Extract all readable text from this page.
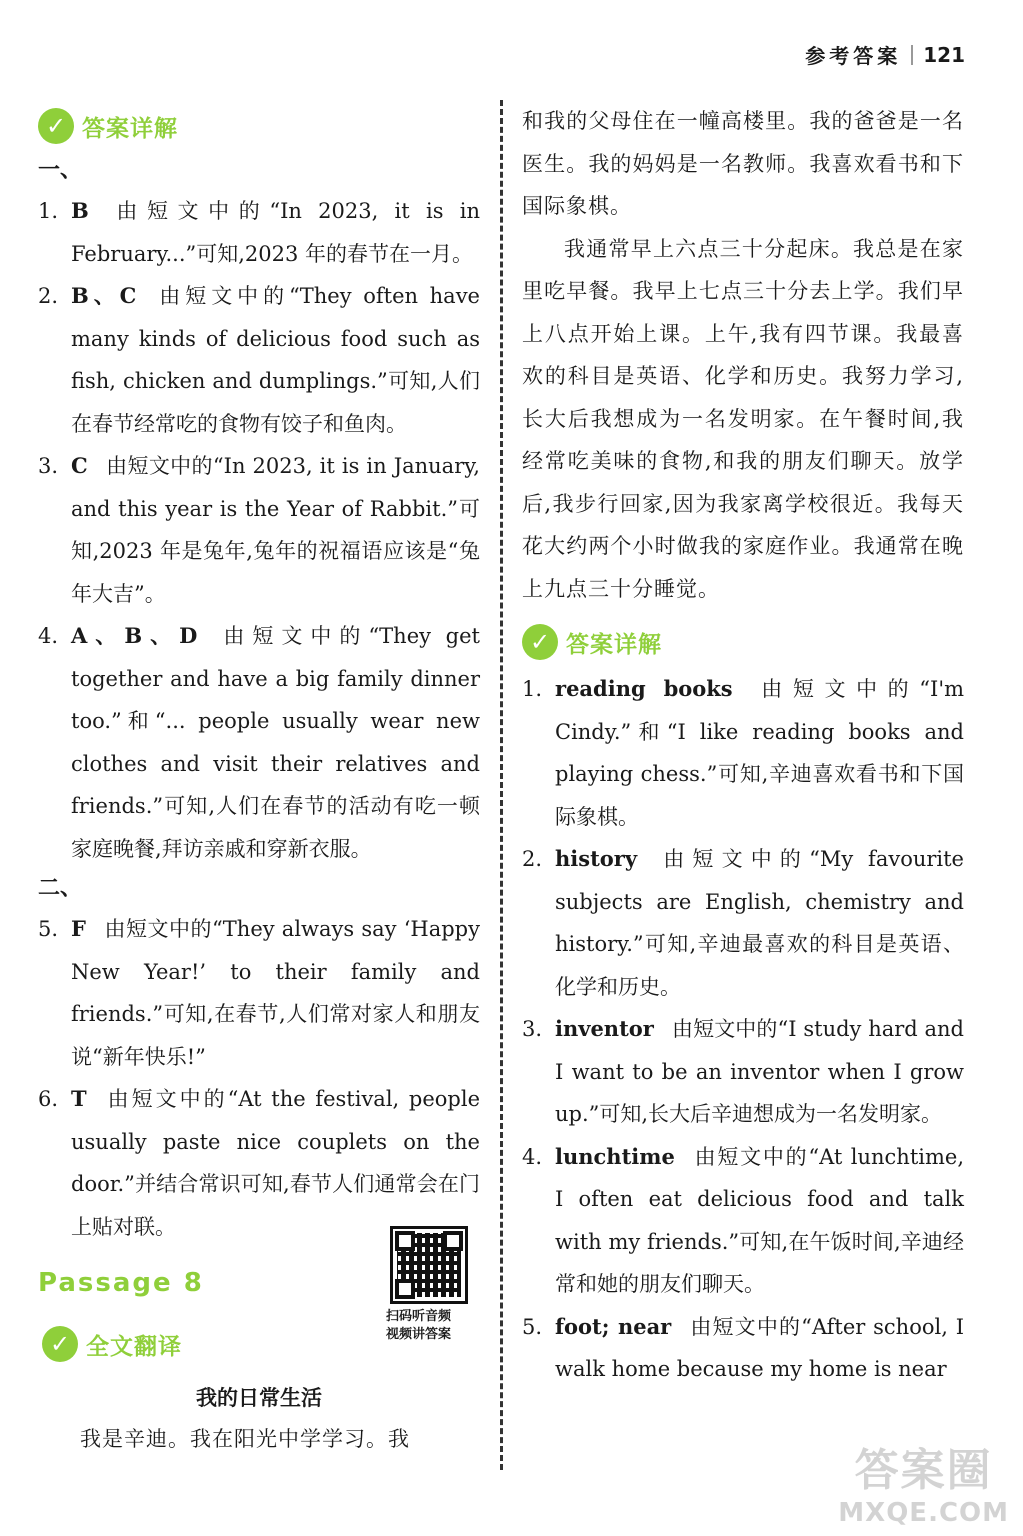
参考答案 121
✓ 答案详解
一、
1. B 由短文中的“In 2023, it is in February...”可知,2023 年的春节在一月。
2. B、C 由短文中的“They often have many kinds of delicious food such as fish, chicken and dumplings.”可知,人们在春节经常吃的食物有饺子和鱼肉。
3. C 由短文中的“In 2023, it is in January, and this year is the Year of Rabbit.”可知,2023 年是兔年,兔年的祝福语应该是“兔年大吉”。
4. A、B、D 由短文中的“They get together and have a big family dinner too.”和“... people usually wear new clothes and visit their relatives and friends.”可知,人们在春节的活动有吃一顿家庭晚餐,拜访亲戚和穿新衣服。
二、
5. F 由短文中的“They always say ‘Happy New Year!’ to their family and friends.”可知,在春节,人们常对家人和朋友说“新年快乐!”
6. T 由短文中的“At the festival, people usually paste nice couplets on the door.”并结合常识可知,春节人们通常会在门上贴对联。
Passage 8
扫码听音频
视频讲答案
✓ 全文翻译
我的日常生活
我是辛迪。我在阳光中学学习。我
和我的父母住在一幢高楼里。我的爸爸是一名医生。我的妈妈是一名教师。我喜欢看书和下国际象棋。
我通常早上六点三十分起床。我总是在家里吃早餐。我早上七点三十分去上学。我们早上八点开始上课。上午,我有四节课。我最喜欢的科目是英语、化学和历史。我努力学习,长大后我想成为一名发明家。在午餐时间,我经常吃美味的食物,和我的朋友们聊天。放学后,我步行回家,因为我家离学校很近。我每天花大约两个小时做我的家庭作业。我通常在晚上九点三十分睡觉。
✓ 答案详解
1. reading books 由短文中的“I'm Cindy.”和“I like reading books and playing chess.”可知,辛迪喜欢看书和下国际象棋。
2. history 由短文中的“My favourite subjects are English, chemistry and history.”可知,辛迪最喜欢的科目是英语、化学和历史。
3. inventor 由短文中的“I study hard and I want to be an inventor when I grow up.”可知,长大后辛迪想成为一名发明家。
4. lunchtime 由短文中的“At lunchtime, I often eat delicious food and talk with my friends.”可知,在午饭时间,辛迪经常和她的朋友们聊天。
5. foot; near 由短文中的“After school, I walk home because my home is near
答案圈
MXQE.COM
